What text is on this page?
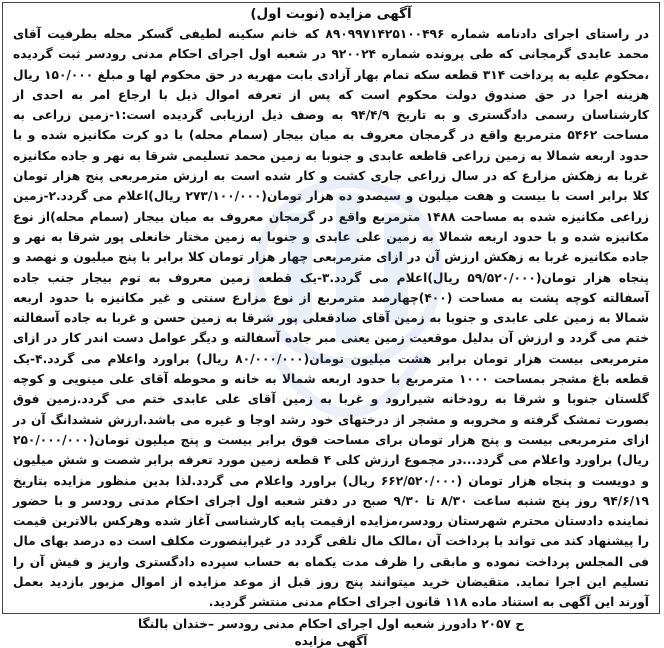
آگهی مزایده (نوبت اول)

در راستای اجرای دادنامه شماره ۸۹۰۹۹۷۱۴۲۵۱۰۰۴۹۶ که خانم سکینه لطیفی گسکر محله بطرفیت آقای محمد عابدی گرمجانی که طی پرونده شماره ۹۲۰۰۲۴ در شعبه اول اجرای احکام مدنی رودسر ثبت گردیده ،محکوم علیه به پرداخت ۳۱۴ قطعه سکه تمام بهار آزادی بابت مهریه در حق محکوم لها و مبلغ ۱۵۰/۰۰۰ ریال هزینه اجرا در حق صندوق دولت محکوم است که پس از تعرفه اموال ذیل با ارجاع امر به احدی از کارشناسان رسمی دادگستری و به تاریخ ۹۴/۴/۹ به وصف ذیل ارزیابی گردیده است:۱-زمین زراعی به مساحت ۵۴۶۲ مترمربع واقع در گرمجان معروف به میان بیجار (سمام محله) با دو کرت مکانیزه شده و با حدود اربعه شمالا به زمین زراعی قاطعه عابدی و جنوبا به زمین محمد تسلیمی شرقا به نهر و جاده مکانیزه غربا به زهکش مزارع که در سال زراعی جاری کشت و کار شده است به ارزش مترمربعی پنج هزار تومان کلا برابر است با بیست و هفت میلیون و سیصدو ده هزار تومان(۲۷۳/۱۰۰/۰۰۰ ریال)اعلام می گردد.۲-زمین زراعی مکانیزه شده به مساحت ۱۴۸۸ مترمربع واقع در گرمجان معروف به میان بیجار (سمام محله)از نوع مکانیزه شده و با حدود اربعه شمالا به زمین علی عابدی و جنوبا به زمین مختار خانعلی پور شرقا به نهر و جاده مکانیزه غربا به زهکش ارزش آن در ازای مترمربعی چهار هزار تومان کلا برابر با پنج میلیون و نهصد و پنجاه هزار تومان(۵۹/۵۲۰/۰۰۰ ریال)اعلام می گردد.۳-یک قطعه زمین معروف به توم بیجار جنب جاده آسفالته کوچه پشت به مساحت (۴۰۰)چهارصد مترمربع از نوع مزارع سنتی و غیر مکانیزه با حدود اربعه شمالا به زمین علی عابدی و جنوبا به زمین آقای صادقعلی پور شرقا به زمین حسن و غربا به جاده آسفالته ختم می گردد و ارزش آن بدلیل موقعیت زمین یعنی مبر جاده آسفالته و دیگر عوامل دست اندر کار در ازای مترمربعی بیست هزار تومان برابر هشت میلیون تومان(۸۰/۰۰۰/۰۰۰ ریال) براورد واعلام می گردد.۴-یک قطعه باغ مشجر بمساحت ۱۰۰۰ مترمربع با حدود اربعه شمالا به خانه و محوطه آقای علی مینویی و کوچه گلستان جنوبا و شرقا به رودخانه شیرارود و غربا به زمین آقای علی عابدی ختم می گردد.زمین فوق بصورت تمشک گرفته و مخروبه و مشجر از درختهای خود رشد اوجا و غیره می باشد.ارزش ششدانگ آن در ازای مترمربعی بیست و پنج هزار تومان برای مساحت فوق برابر بیست و پنج میلیون تومان(۲۵۰/۰۰۰/۰۰۰ ریال) براورد واعلام می گردد...در مجموع ارزش کلی ۴ قطعه زمین مورد تعرفه برابر شصت و شش میلیون و دویست و پنجاه هزار تومان (۶۶۲/۵۲۰/۰۰۰ ریال) براورد واعلام می گردد.لذا بدین منظور مزایده بتاریخ ۹۴/۶/۱۹ روز پنج شنبه ساعت ۸/۳۰ تا ۹/۳۰ صبح در دفتر شعبه اول اجرای احکام مدنی رودسر و با حضور نماینده دادستان محترم شهرستان رودسر،مزایده ازقیمت پایه کارشناسی آغاز شده وهرکس بالاترین قیمت را پیشنهاد کند می تواند با پرداخت آن ،مالک مال تلقی گردد در غیراینصورت مکلف است ده درصد بهای مال فی المجلس پرداخت نموده و مابقی را ظرف مدت یکماه به حساب سپرده دادگستری واریز و فیش آن را تسلیم این اجرا نماید. متقیضان خرید میتوانند پنج روز قبل از موعد مزایده از اموال مزبور بازدید بعمل آورند این آگهی به استناد ماده ۱۱۸ قانون اجرای احکام مدنی منتشر گردید.

ح ۲۰۵۷ دادورز شعبه اول اجرای احکام مدنی رودسر –خندان بالنگا
آگهی مزایده
